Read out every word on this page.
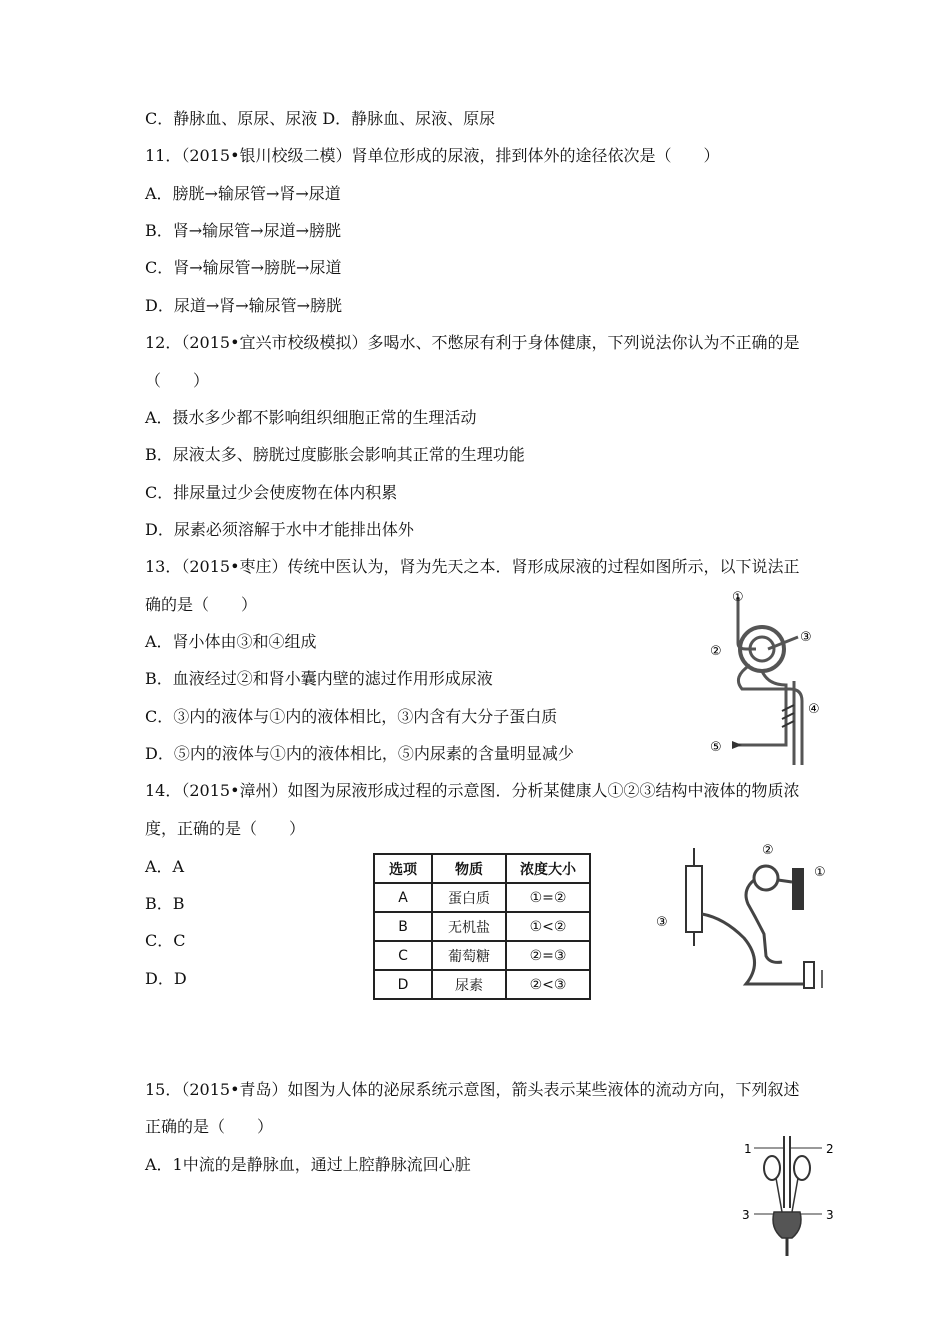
C．静脉血、原尿、尿液 D．静脉血、尿液、原尿
11．（2015•银川校级二模）肾单位形成的尿液，排到体外的途径依次是（　　）
A．膀胱→输尿管→肾→尿道
B．肾→输尿管→尿道→膀胱
C．肾→输尿管→膀胱→尿道
D．尿道→肾→输尿管→膀胱
12．（2015•宜兴市校级模拟）多喝水、不憋尿有利于身体健康，下列说法你认为不正确的是
（　　）
A．摄水多少都不影响组织细胞正常的生理活动
B．尿液太多、膀胱过度膨胀会影响其正常的生理功能
C．排尿量过少会使废物在体内积累
D．尿素必须溶解于水中才能排出体外
13．（2015•枣庄）传统中医认为，肾为先天之本．肾形成尿液的过程如图所示，以下说法正
确的是（　　）
A．肾小体由③和④组成
B．血液经过②和肾小囊内壁的滤过作用形成尿液
C．③内的液体与①内的液体相比，③内含有大分子蛋白质
D．⑤内的液体与①内的液体相比，⑤内尿素的含量明显减少
14．（2015•漳州）如图为尿液形成过程的示意图．分析某健康人①②③结构中液体的物质浓
度，正确的是（　　）
A．A
B．B
C．C
D．D
15．（2015•青岛）如图为人体的泌尿系统示意图，箭头表示某些液体的流动方向，下列叙述
正确的是（　　）
A．1中流的是静脉血，通过上腔静脉流回心脏
选项	物质	浓度大小
A	蛋白质	①=②
B	无机盐	①<②
C	葡萄糖	②=③
D	尿素	②<③
①
②
③
④
⑤
①
②
③
1	2
3	3
